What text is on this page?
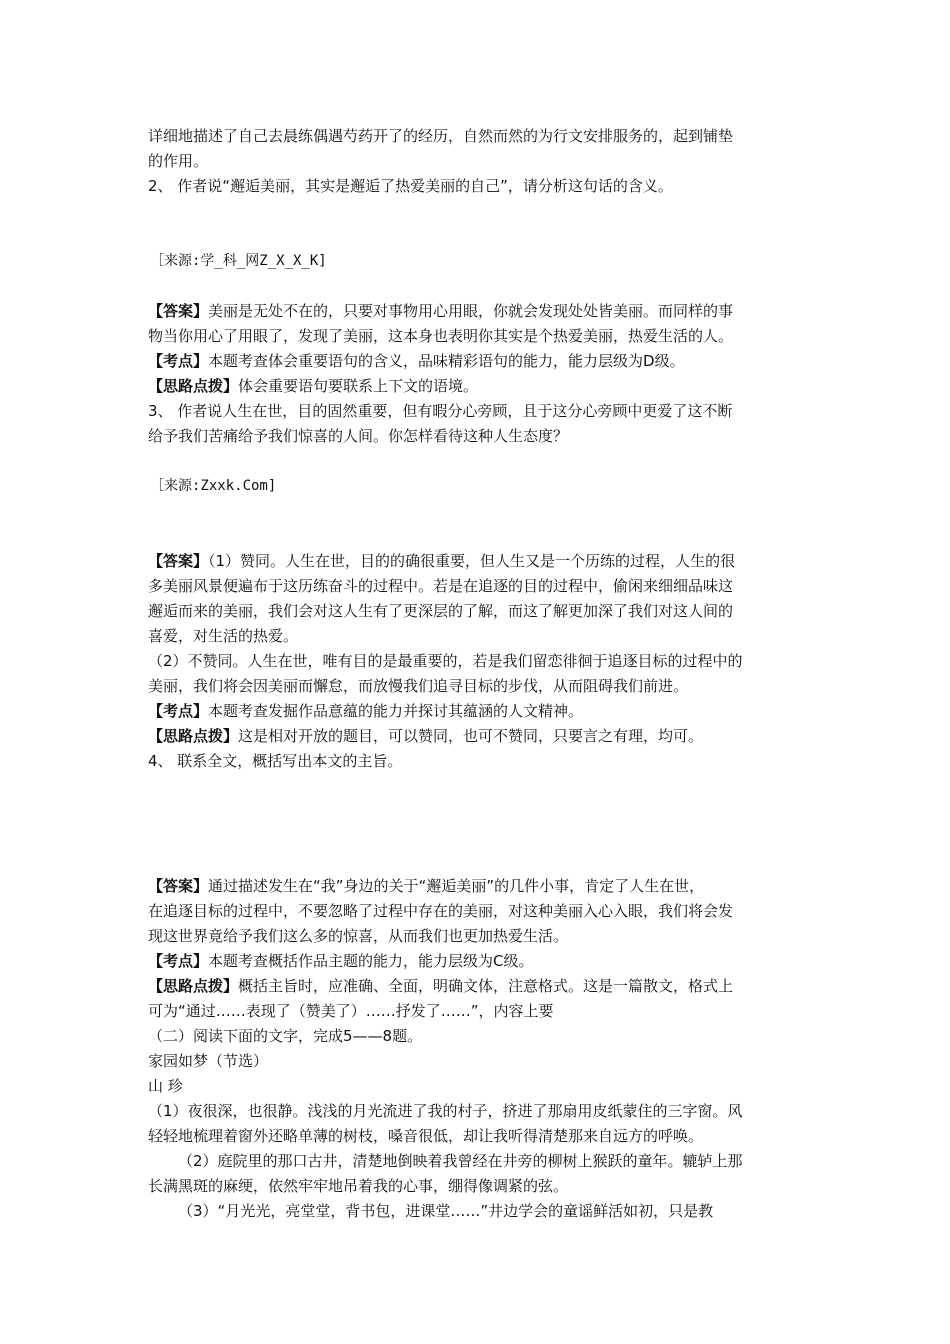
详细地描述了自己去晨练偶遇芍药开了的经历，自然而然的为行文安排服务的，起到铺垫
的作用。
2、 作者说“邂逅美丽，其实是邂逅了热爱美丽的自己”，请分析这句话的含义。
［来源:学_科_网Z_X_X_K]
【答案】美丽是无处不在的，只要对事物用心用眼，你就会发现处处皆美丽。而同样的事
物当你用心了用眼了，发现了美丽，这本身也表明你其实是个热爱美丽，热爱生活的人。
【考点】本题考查体会重要语句的含义，品味精彩语句的能力，能力层级为D级。
【思路点拨】体会重要语句要联系上下文的语境。
3、 作者说人生在世，目的固然重要，但有暇分心旁顾，且于这分心旁顾中更爱了这不断
给予我们苦痛给予我们惊喜的人间。你怎样看待这种人生态度？
［来源:Zxxk.Com]
【答案】（1）赞同。人生在世，目的的确很重要，但人生又是一个历练的过程，人生的很
多美丽风景便遍布于这历练奋斗的过程中。若是在追逐的目的过程中，偷闲来细细品味这
邂逅而来的美丽，我们会对这人生有了更深层的了解，而这了解更加深了我们对这人间的
喜爱，对生活的热爱。
（2）不赞同。人生在世，唯有目的是最重要的，若是我们留恋徘徊于追逐目标的过程中的
美丽，我们将会因美丽而懈怠，而放慢我们追寻目标的步伐，从而阻碍我们前进。
【考点】本题考查发掘作品意蕴的能力并探讨其蕴涵的人文精神。
【思路点拨】这是相对开放的题目，可以赞同，也可不赞同，只要言之有理，均可。
4、 联系全文，概括写出本文的主旨。
【答案】通过描述发生在“我”身边的关于“邂逅美丽”的几件小事，肯定了人生在世，
在追逐目标的过程中，不要忽略了过程中存在的美丽，对这种美丽入心入眼，我们将会发
现这世界竟给予我们这么多的惊喜，从而我们也更加热爱生活。
【考点】本题考查概括作品主题的能力，能力层级为C级。
【思路点拨】概括主旨时，应准确、全面，明确文体，注意格式。这是一篇散文，格式上
可为“通过……表现了（赞美了）……抒发了……”，内容上要
（二）阅读下面的文字，完成5——8题。
家园如梦（节选）
山 珍
（1）夜很深，也很静。浅浅的月光流进了我的村子，挤进了那扇用皮纸蒙住的三字窗。风
轻轻地梳理着窗外还略单薄的树枝，嗓音很低，却让我听得清楚那来自远方的呼唤。
（2）庭院里的那口古井，清楚地倒映着我曾经在井旁的柳树上猴跃的童年。辘轳上那
长满黑斑的麻绠，依然牢牢地吊着我的心事，绷得像调紧的弦。
（3）“月光光，亮堂堂，背书包，进课堂……”井边学会的童谣鲜活如初，只是教
